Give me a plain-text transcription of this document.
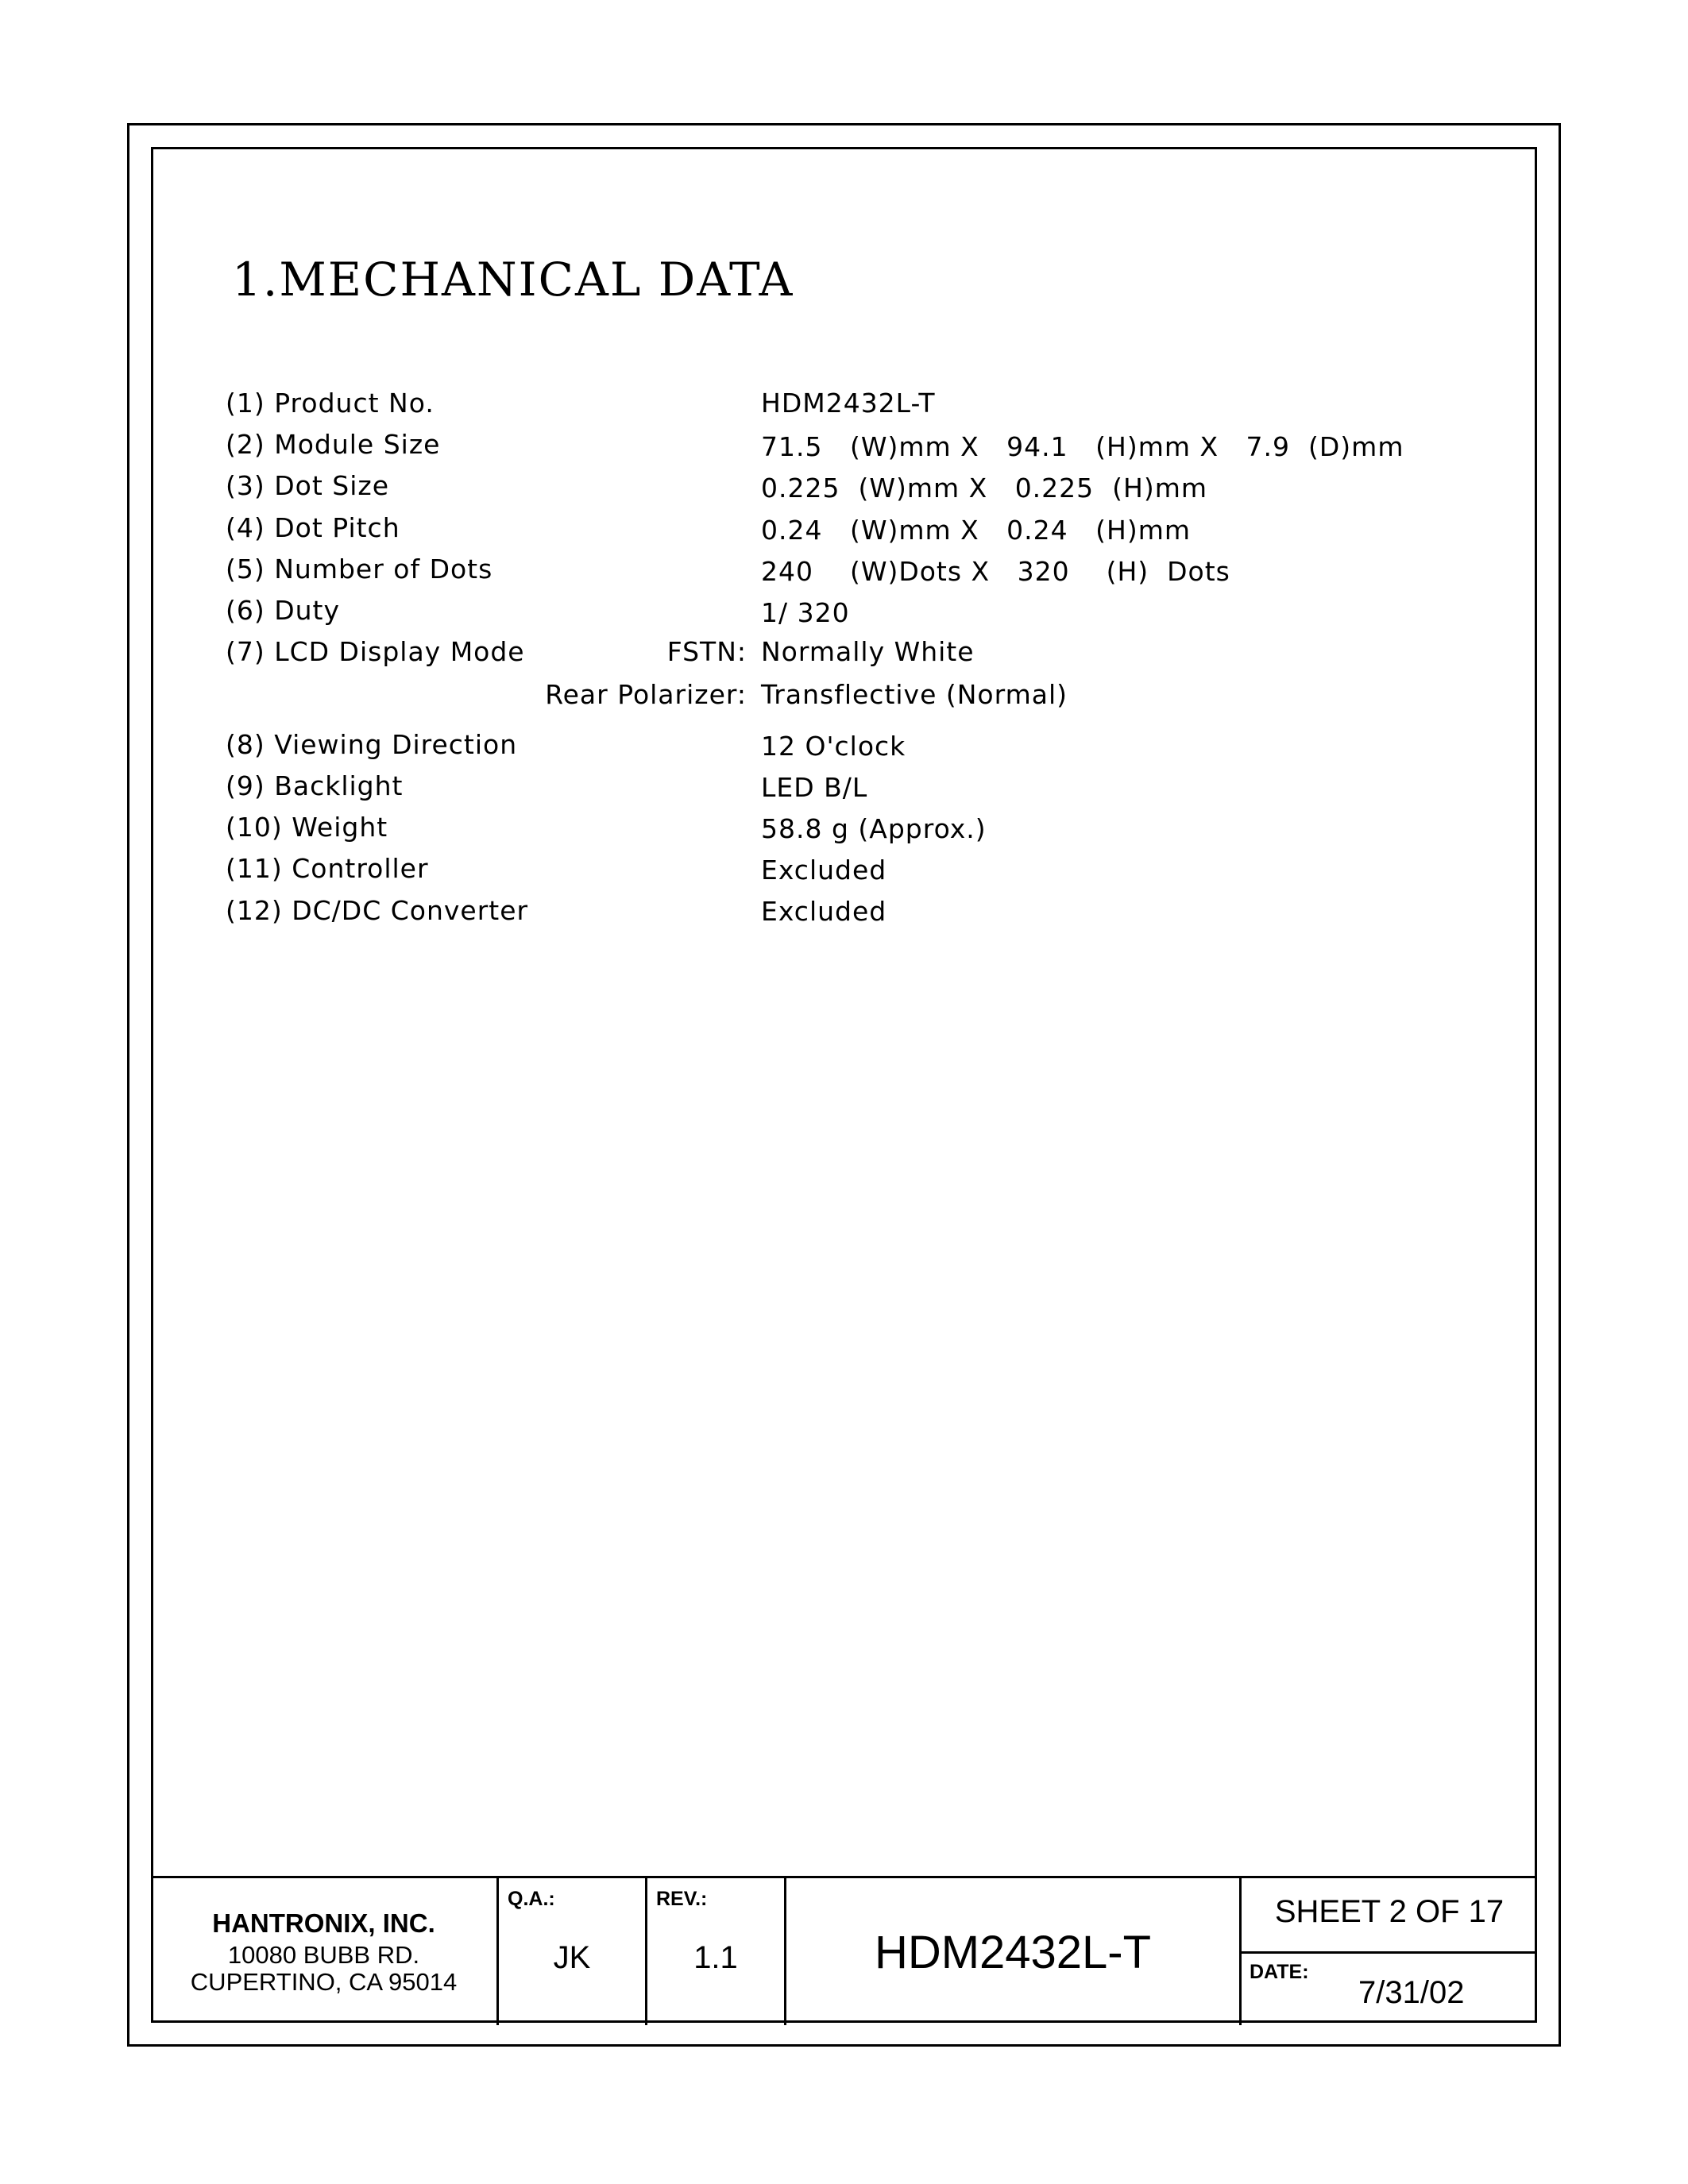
1.MECHANICAL DATA
(1) Product No.	HDM2432L-T
(2) Module Size	71.5   (W)mm X   94.1   (H)mm X   7.9  (D)mm
(3) Dot Size	0.225  (W)mm X   0.225  (H)mm
(4) Dot Pitch	0.24   (W)mm X   0.24   (H)mm
(5) Number of Dots	240    (W)Dots X   320    (H)  Dots
(6) Duty	1/ 320
(7) LCD Display Mode	FSTN: Normally White
Rear Polarizer: Transflective (Normal)
(8) Viewing Direction	12 O'clock
(9) Backlight	LED B/L
(10) Weight	58.8 g (Approx.)
(11) Controller	Excluded
(12) DC/DC Converter	Excluded
HANTRONIX, INC.
10080 BUBB RD.
CUPERTINO, CA 95014
Q.A.:
JK
REV.:
1.1	HDM2432L-T
SHEET 2 OF 17
DATE:
7/31/02
